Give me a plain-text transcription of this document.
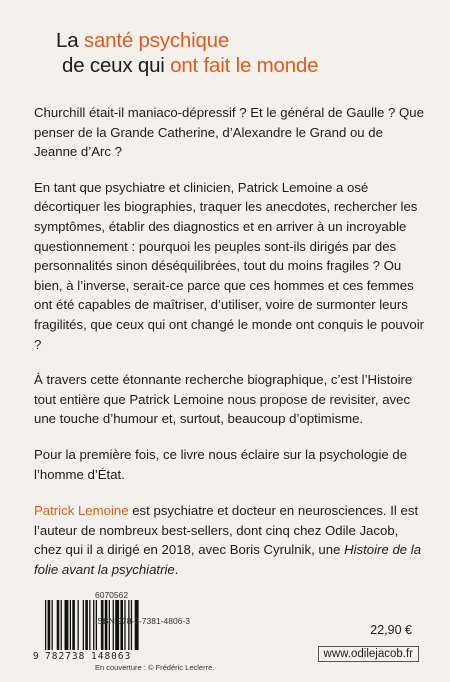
La santé psychique
de ceux qui ont fait le monde

Churchill était-il maniaco-dépressif ? Et le général de Gaulle ? Que penser de la Grande Catherine, d’Alexandre le Grand ou de Jeanne d’Arc ?

En tant que psychiatre et clinicien, Patrick Lemoine a osé décortiquer les biographies, traquer les anecdotes, rechercher les symptômes, établir des diagnostics et en arriver à un incroyable questionnement : pourquoi les peuples sont-ils dirigés par des personnalités sinon déséquilibrées, tout du moins fragiles ? Ou bien, à l’inverse, serait-ce parce que ces hommes et ces femmes ont été capables de maîtriser, d’utiliser, voire de surmonter leurs fragilités, que ceux qui ont changé le monde ont conquis le pouvoir ?

À travers cette étonnante recherche biographique, c’est l’Histoire tout entière que Patrick Lemoine nous propose de revisiter, avec une touche d’humour et, surtout, beaucoup d’optimisme.

Pour la première fois, ce livre nous éclaire sur la psychologie de l’homme d’État.

Patrick Lemoine est psychiatre et docteur en neurosciences. Il est l’auteur de nombreux best-sellers, dont cinq chez Odile Jacob, chez qui il a dirigé en 2018, avec Boris Cyrulnik, une Histoire de la folie avant la psychiatrie.

6070562
ISBN 978-2-7381-4806-3
9 782738 148063
En couverture : © Frédéric Leclerre.
22,90 €
www.odilejacob.fr
